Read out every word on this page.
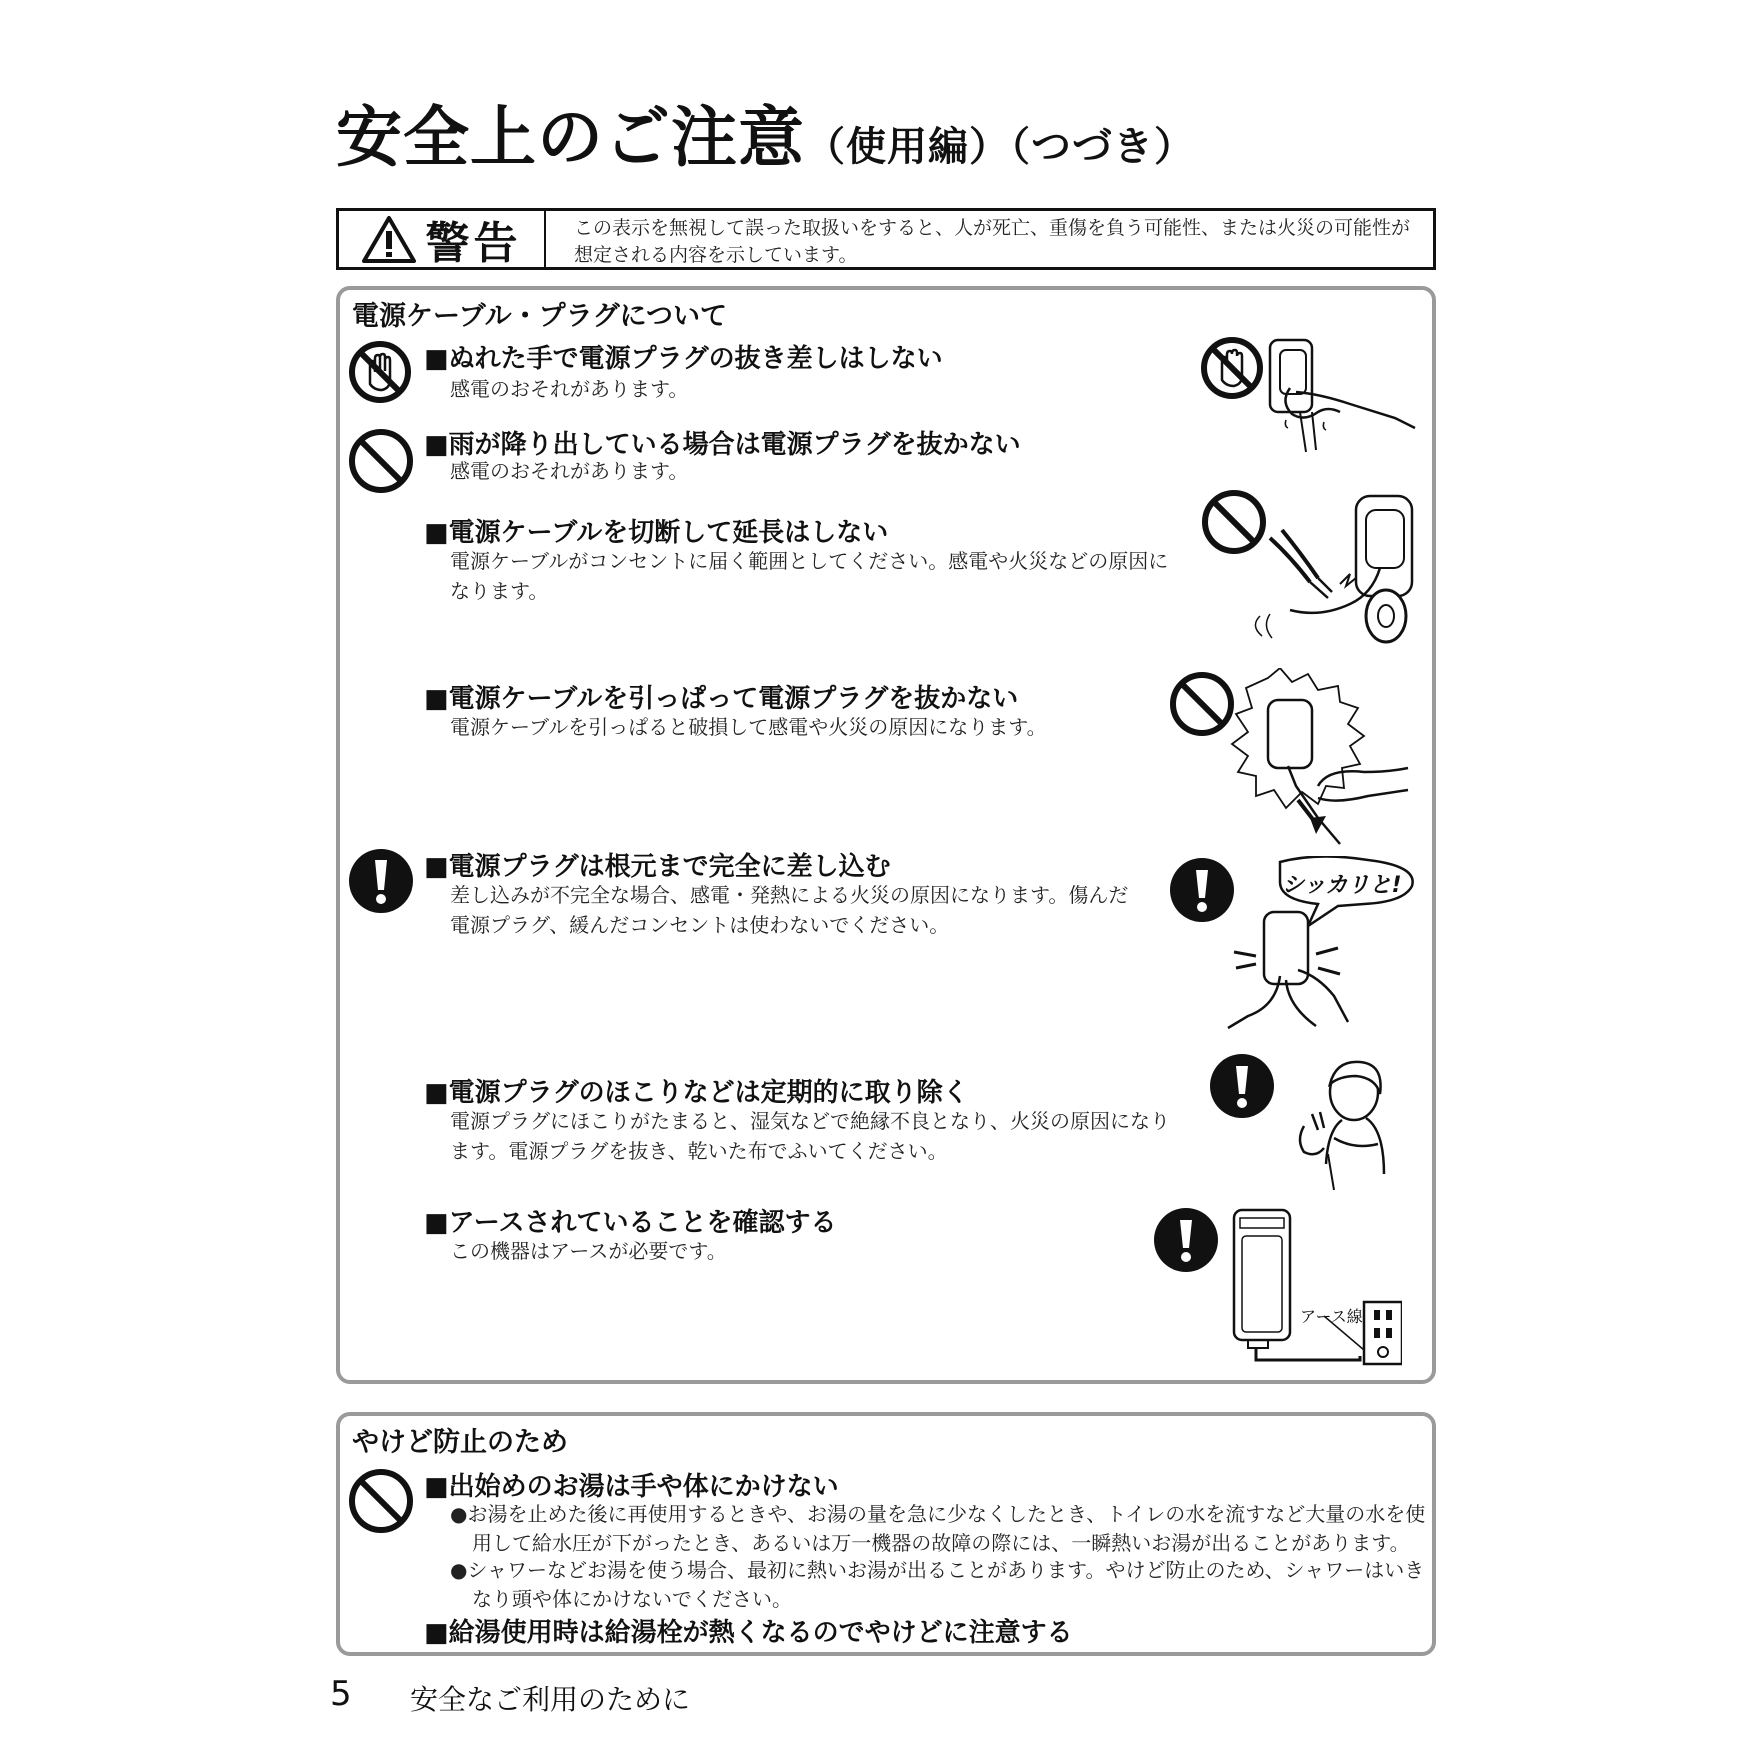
安全上のご注意（使用編）（つづき）
警告	この表示を無視して誤った取扱いをすると、人が死亡、重傷を負う可能性、または火災の可能性が想定される内容を示しています。
電源ケーブル・プラグについて
■ぬれた手で電源プラグの抜き差しはしない
感電のおそれがあります。
■雨が降り出している場合は電源プラグを抜かない
感電のおそれがあります。
■電源ケーブルを切断して延長はしない
電源ケーブルがコンセントに届く範囲としてください。感電や火災などの原因になります。
■電源ケーブルを引っぱって電源プラグを抜かない
電源ケーブルを引っぱると破損して感電や火災の原因になります。
■電源プラグは根元まで完全に差し込む
差し込みが不完全な場合、感電・発熱による火災の原因になります。傷んだ電源プラグ、緩んだコンセントは使わないでください。
■電源プラグのほこりなどは定期的に取り除く
電源プラグにほこりがたまると、湿気などで絶縁不良となり、火災の原因になります。電源プラグを抜き、乾いた布でふいてください。
■アースされていることを確認する
この機器はアースが必要です。
シッカリと!
アース線
やけど防止のため
■出始めのお湯は手や体にかけない
●お湯を止めた後に再使用するときや、お湯の量を急に少なくしたとき、トイレの水を流すなど大量の水を使用して給水圧が下がったとき、あるいは万一機器の故障の際には、一瞬熱いお湯が出ることがあります。
●シャワーなどお湯を使う場合、最初に熱いお湯が出ることがあります。やけど防止のため、シャワーはいきなり頭や体にかけないでください。
■給湯使用時は給湯栓が熱くなるのでやけどに注意する
5 安全なご利用のために
